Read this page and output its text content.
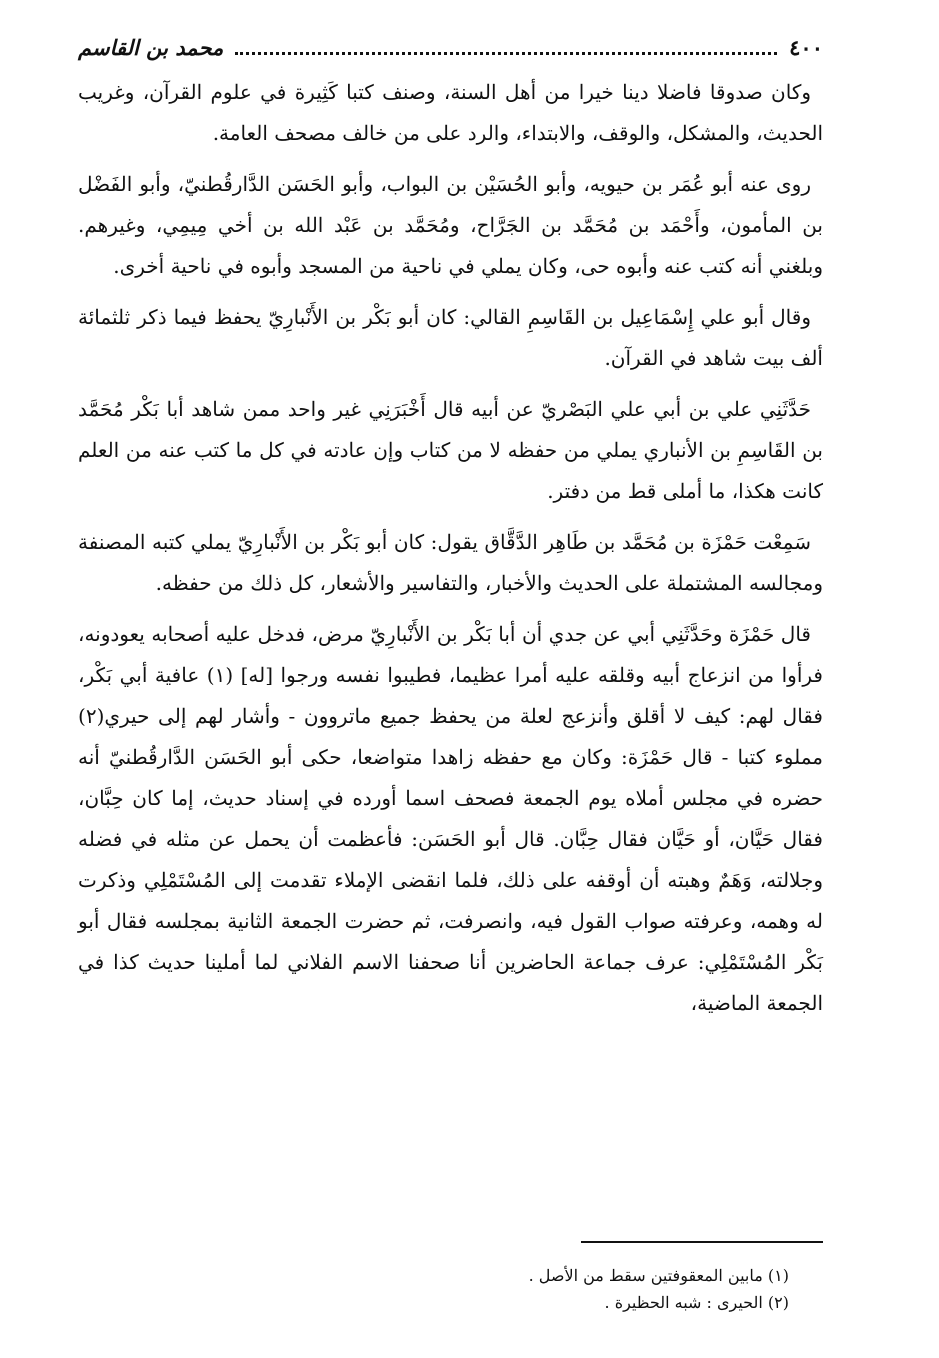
٤٠٠
محمد بن القاسم

وكان صدوقا فاضلا دينا خيرا من أهل السنة، وصنف كتبا كَثِيرة في علوم القرآن، وغريب الحديث، والمشكل، والوقف، والابتداء، والرد على من خالف مصحف العامة.

روى عنه أبو عُمَر بن حيويه، وأبو الحُسَيْن بن البواب، وأبو الحَسَن الدَّارقُطنيّ، وأبو الفَضْل بن المأمون، وأَحْمَد بن مُحَمَّد بن الجَرَّاح، ومُحَمَّد بن عَبْد الله بن أخي مِيمِي، وغيرهم. وبلغني أنه كتب عنه وأبوه حى، وكان يملي في ناحية من المسجد وأبوه في ناحية أخرى.

وقال أبو علي إِسْمَاعِيل بن القَاسِمِ القالي: كان أبو بَكْر بن الأَنْبارِيّ يحفظ فيما ذكر ثلثمائة ألف بيت شاهد في القرآن.

حَدَّثَنِي علي بن أبي علي البَصْريّ عن أبيه قال أَخْبَرَنِي غير واحد ممن شاهد أبا بَكْر مُحَمَّد بن القَاسِمِ بن الأنباري يملي من حفظه لا من كتاب وإن عادته في كل ما كتب عنه من العلم كانت هكذا، ما أملى قط من دفتر.

سَمِعْت حَمْزَة بن مُحَمَّد بن طَاهِر الدَّقَّاق يقول: كان أبو بَكْر بن الأَنْبارِيّ يملي كتبه المصنفة ومجالسه المشتملة على الحديث والأخبار، والتفاسير والأشعار، كل ذلك من حفظه.

قال حَمْزَة وحَدَّثَنِي أبي عن جدي أن أبا بَكْر بن الأَنْبارِيّ مرض، فدخل عليه أصحابه يعودونه، فرأوا من انزعاج أبيه وقلقه عليه أمرا عظيما، فطيبوا نفسه ورجوا [له] (١) عافية أبي بَكْر، فقال لهم: كيف لا أقلق وأنزعج لعلة من يحفظ جميع ماتروون - وأشار لهم إلى حيري(٢) مملوء كتبا - قال حَمْزَة: وكان مع حفظه زاهدا متواضعا، حكى أبو الحَسَن الدَّارقُطنيّ أنه حضره في مجلس أملاه يوم الجمعة فصحف اسما أورده في إسناد حديث، إما كان حِبَّان، فقال حَيَّان، أو حَيَّان فقال حِبَّان. قال أبو الحَسَن: فأعظمت أن يحمل عن مثله في فضله وجلالته، وَهَمٌ وهبته أن أوقفه على ذلك، فلما انقضى الإملاء تقدمت إلى المُسْتَمْلِي وذكرت له وهمه، وعرفته صواب القول فيه، وانصرفت، ثم حضرت الجمعة الثانية بمجلسه فقال أبو بَكْر المُسْتَمْلِي: عرف جماعة الحاضرين أنا صحفنا الاسم الفلاني لما أملينا حديث كذا في الجمعة الماضية،

(١) مابين المعقوفتين سقط من الأصل .

(٢) الحيرى : شبه الحظيرة .
